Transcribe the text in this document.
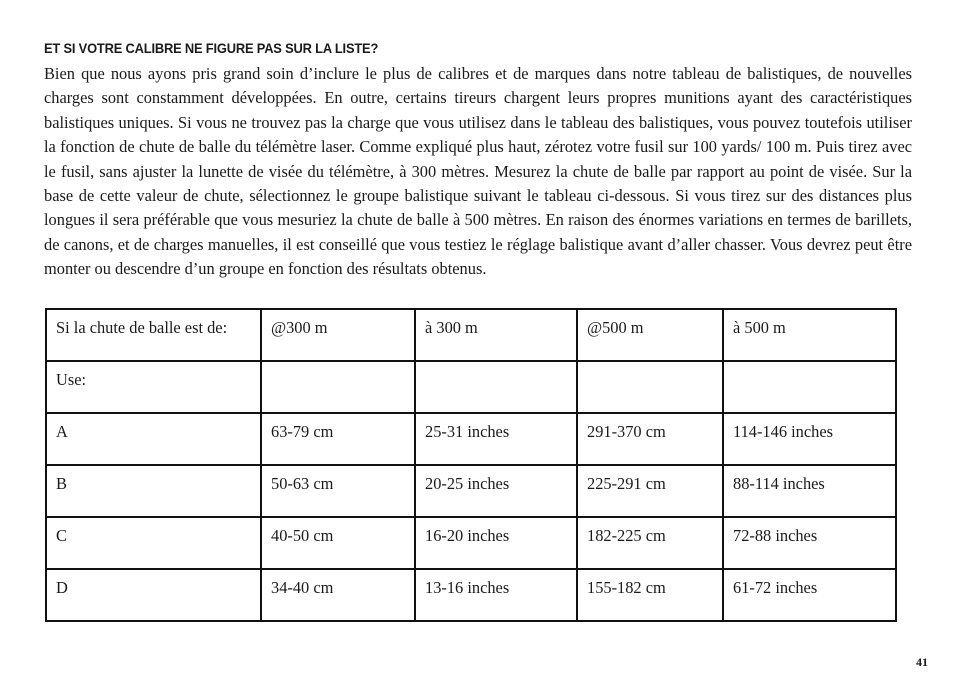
ET SI VOTRE CALIBRE NE FIGURE PAS SUR LA LISTE?

Bien que nous ayons pris grand soin d’inclure le plus de calibres et de marques dans notre tableau de balistiques, de nouvelles charges sont constamment développées. En outre, certains tireurs chargent leurs propres munitions ayant des caractéristiques balistiques uniques. Si vous ne trouvez pas la charge que vous utilisez dans le tableau des balistiques, vous pouvez toutefois utiliser la fonction de chute de balle du télémètre laser. Comme expliqué plus haut, zérotez votre fusil sur 100 yards/ 100 m. Puis tirez avec le fusil, sans ajuster la lunette de visée du télémètre, à 300 mètres. Mesurez la chute de balle par rapport au point de visée. Sur la base de cette valeur de chute, sélectionnez le groupe balistique suivant le tableau ci-dessous. Si vous tirez sur des distances plus longues il sera préférable que vous mesuriez la chute de balle à 500 mètres. En raison des énormes variations en termes de barillets, de canons, et de charges manuelles, il est conseillé que vous testiez le réglage balistique avant d’aller chasser. Vous devrez peut être monter ou descendre d’un groupe en fonction des résultats obtenus.

Si la chute de balle est de:	@300 m	à 300 m	@500 m	à 500 m
Use:				
A	63-79 cm	25-31 inches	291-370 cm	114-146 inches
B	50-63 cm	20-25 inches	225-291 cm	88-114 inches
C	40-50 cm	16-20 inches	182-225 cm	72-88 inches
D	34-40 cm	13-16 inches	155-182 cm	61-72 inches
41
